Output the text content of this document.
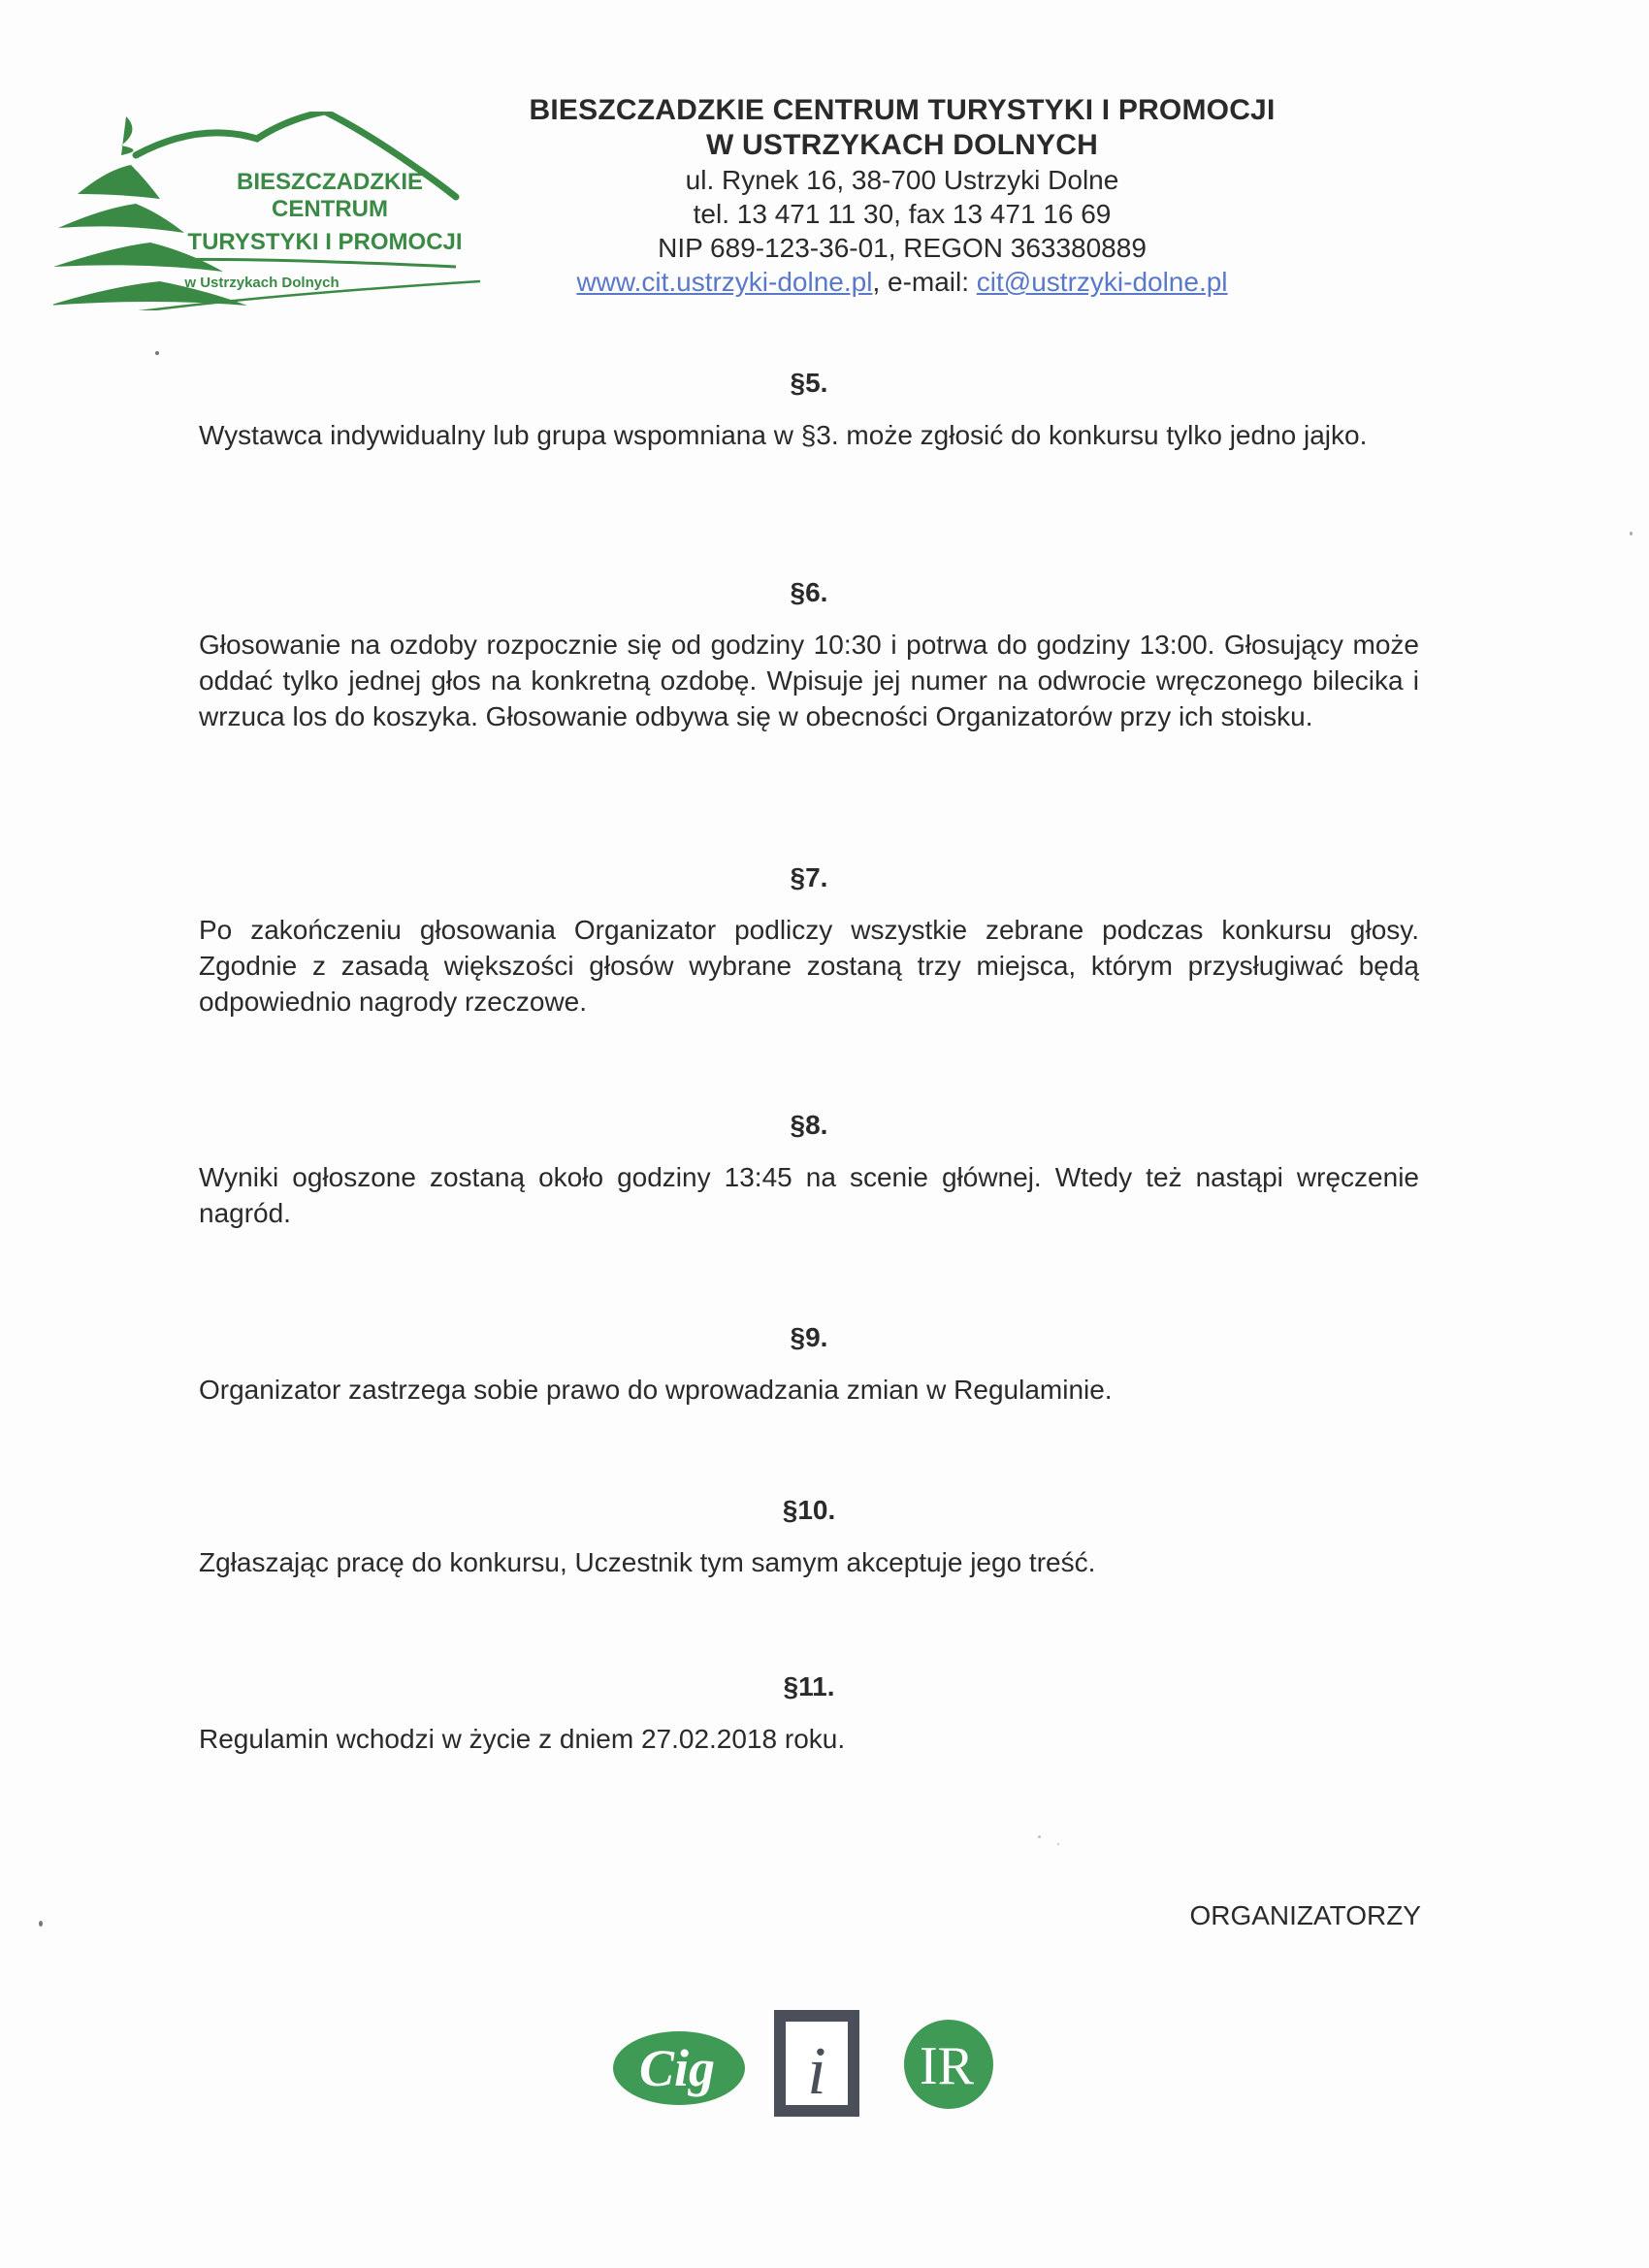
BIESZCZADZKIE
CENTRUM
TURYSTYKI I PROMOCJI
w Ustrzykach Dolnych
BIESZCZADZKIE CENTRUM TURYSTYKI I PROMOCJI
W USTRZYKACH DOLNYCH
ul. Rynek 16, 38-700 Ustrzyki Dolne
tel. 13 471 11 30, fax 13 471 16 69
NIP 689-123-36-01, REGON 363380889
www.cit.ustrzyki-dolne.pl, e-mail: cit@ustrzyki-dolne.pl
§5.

Wystawca indywidualny lub grupa wspomniana w §3. może zgłosić do konkursu tylko jedno jajko.

§6.

Głosowanie na ozdoby rozpocznie się od godziny 10:30 i potrwa do godziny 13:00. Głosujący może oddać tylko jednej głos na konkretną ozdobę. Wpisuje jej numer na odwrocie wręczonego bilecika i wrzuca los do koszyka. Głosowanie odbywa się w obecności Organizatorów przy ich stoisku.

§7.

Po zakończeniu głosowania Organizator podliczy wszystkie zebrane podczas konkursu głosy. Zgodnie z zasadą większości głosów wybrane zostaną trzy miejsca, którym przysługiwać będą odpowiednio nagrody rzeczowe.

§8.

Wyniki ogłoszone zostaną około godziny 13:45 na scenie głównej. Wtedy też nastąpi wręczenie nagród.

§9.

Organizator zastrzega sobie prawo do wprowadzania zmian w Regulaminie.

§10.

Zgłaszając pracę do konkursu, Uczestnik tym samym akceptuje jego treść.

§11.

Regulamin wchodzi w życie z dniem 27.02.2018 roku.

ORGANIZATORZY
Cig i IR
